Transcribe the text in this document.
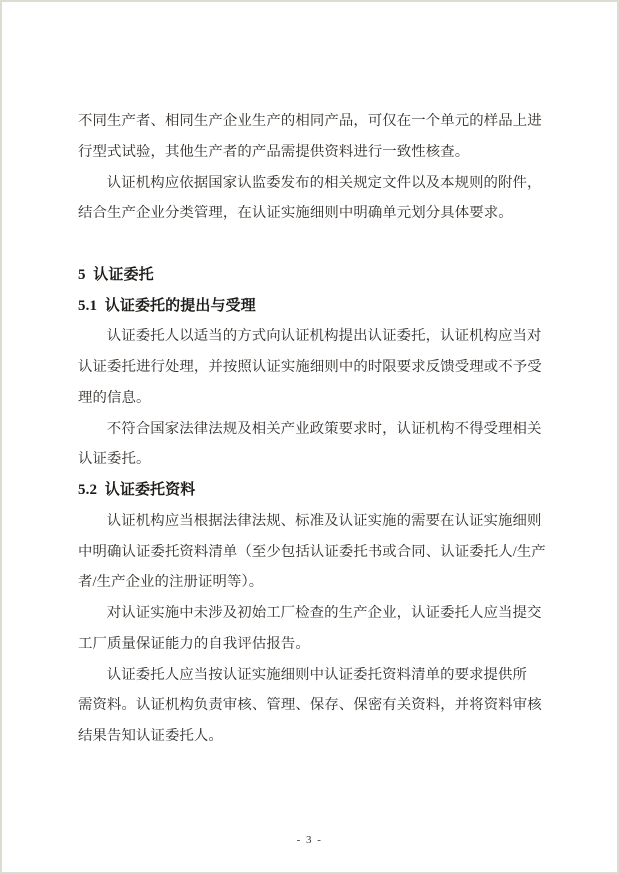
不同生产者、相同生产企业生产的相同产品，可仅在一个单元的样品上进
行型式试验，其他生产者的产品需提供资料进行一致性核查。
认证机构应依据国家认监委发布的相关规定文件以及本规则的附件，
结合生产企业分类管理，在认证实施细则中明确单元划分具体要求。
5  认证委托
5.1  认证委托的提出与受理
认证委托人以适当的方式向认证机构提出认证委托，认证机构应当对
认证委托进行处理，并按照认证实施细则中的时限要求反馈受理或不予受
理的信息。
不符合国家法律法规及相关产业政策要求时，认证机构不得受理相关
认证委托。
5.2  认证委托资料
认证机构应当根据法律法规、标准及认证实施的需要在认证实施细则
中明确认证委托资料清单（至少包括认证委托书或合同、认证委托人/生产
者/生产企业的注册证明等）。
对认证实施中未涉及初始工厂检查的生产企业，认证委托人应当提交
工厂质量保证能力的自我评估报告。
认证委托人应当按认证实施细则中认证委托资料清单的要求提供所
需资料。认证机构负责审核、管理、保存、保密有关资料，并将资料审核
结果告知认证委托人。
- 3 -
